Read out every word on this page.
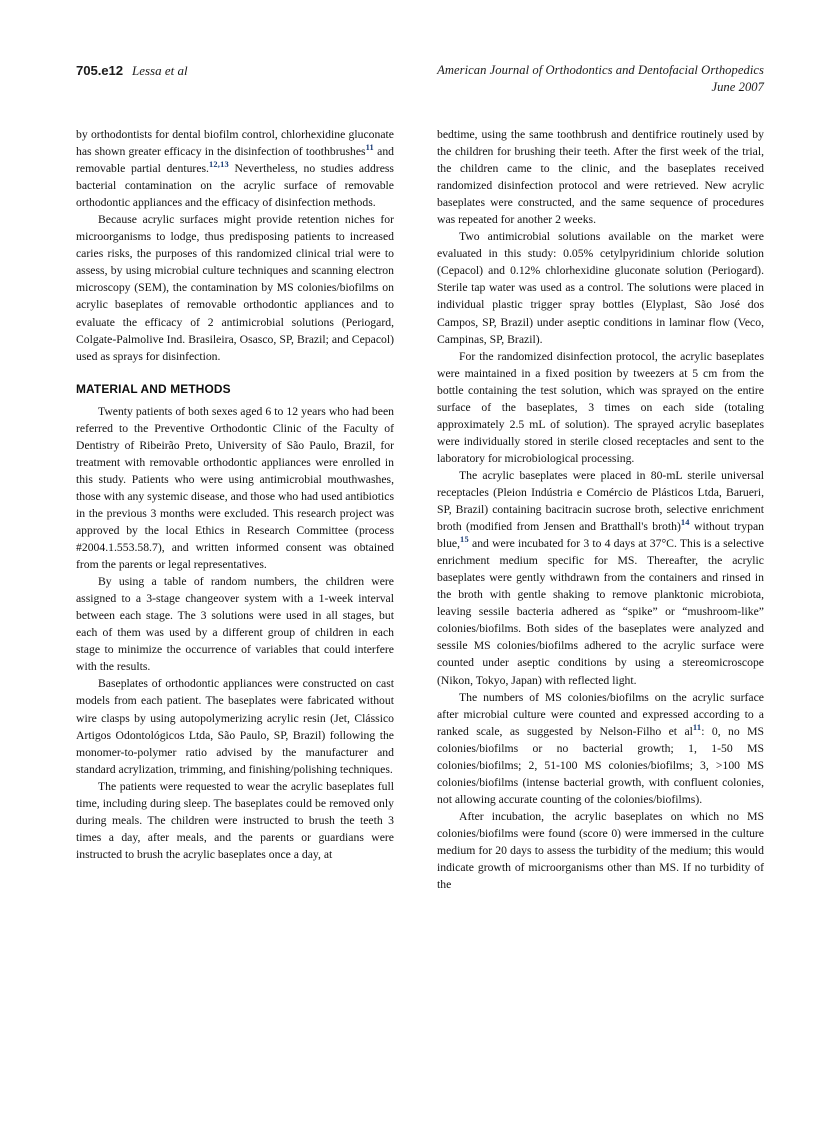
705.e12 Lessa et al	American Journal of Orthodontics and Dentofacial Orthopedics
June 2007

by orthodontists for dental biofilm control, chlorhexidine gluconate has shown greater efficacy in the disinfection of toothbrushes$^{11}$ and removable partial dentures.$^{12,13}$ Nevertheless, no studies address bacterial contamination on the acrylic surface of removable orthodontic appliances and the efficacy of disinfection methods.

Because acrylic surfaces might provide retention niches for microorganisms to lodge, thus predisposing patients to increased caries risks, the purposes of this randomized clinical trial were to assess, by using microbial culture techniques and scanning electron microscopy (SEM), the contamination by MS colonies/biofilms on acrylic baseplates of removable orthodontic appliances and to evaluate the efficacy of 2 antimicrobial solutions (Periogard, Colgate-Palmolive Ind. Brasileira, Osasco, SP, Brazil; and Cepacol) used as sprays for disinfection.

MATERIAL AND METHODS

Twenty patients of both sexes aged 6 to 12 years who had been referred to the Preventive Orthodontic Clinic of the Faculty of Dentistry of Ribeirão Preto, University of São Paulo, Brazil, for treatment with removable orthodontic appliances were enrolled in this study. Patients who were using antimicrobial mouthwashes, those with any systemic disease, and those who had used antibiotics in the previous 3 months were excluded. This research project was approved by the local Ethics in Research Committee (process #2004.1.553.58.7), and written informed consent was obtained from the parents or legal representatives.

By using a table of random numbers, the children were assigned to a 3-stage changeover system with a 1-week interval between each stage. The 3 solutions were used in all stages, but each of them was used by a different group of children in each stage to minimize the occurrence of variables that could interfere with the results.

Baseplates of orthodontic appliances were constructed on cast models from each patient. The baseplates were fabricated without wire clasps by using autopolymerizing acrylic resin (Jet, Clássico Artigos Odontológicos Ltda, São Paulo, SP, Brazil) following the monomer-to-polymer ratio advised by the manufacturer and standard acrylization, trimming, and finishing/polishing techniques.

The patients were requested to wear the acrylic baseplates full time, including during sleep. The baseplates could be removed only during meals. The children were instructed to brush the teeth 3 times a day, after meals, and the parents or guardians were instructed to brush the acrylic baseplates once a day, at

bedtime, using the same toothbrush and dentifrice routinely used by the children for brushing their teeth. After the first week of the trial, the children came to the clinic, and the baseplates received randomized disinfection protocol and were retrieved. New acrylic baseplates were constructed, and the same sequence of procedures was repeated for another 2 weeks.

Two antimicrobial solutions available on the market were evaluated in this study: 0.05% cetylpyridinium chloride solution (Cepacol) and 0.12% chlorhexidine gluconate solution (Periogard). Sterile tap water was used as a control. The solutions were placed in individual plastic trigger spray bottles (Elyplast, São José dos Campos, SP, Brazil) under aseptic conditions in laminar flow (Veco, Campinas, SP, Brazil).

For the randomized disinfection protocol, the acrylic baseplates were maintained in a fixed position by tweezers at 5 cm from the bottle containing the test solution, which was sprayed on the entire surface of the baseplates, 3 times on each side (totaling approximately 2.5 mL of solution). The sprayed acrylic baseplates were individually stored in sterile closed receptacles and sent to the laboratory for microbiological processing.

The acrylic baseplates were placed in 80-mL sterile universal receptacles (Pleion Indústria e Comércio de Plásticos Ltda, Barueri, SP, Brazil) containing bacitracin sucrose broth, selective enrichment broth (modified from Jensen and Bratthall's broth)$^{14}$ without trypan blue,$^{15}$ and were incubated for 3 to 4 days at 37°C. This is a selective enrichment medium specific for MS. Thereafter, the acrylic baseplates were gently withdrawn from the containers and rinsed in the broth with gentle shaking to remove planktonic microbiota, leaving sessile bacteria adhered as “spike” or “mushroom-like” colonies/biofilms. Both sides of the baseplates were analyzed and sessile MS colonies/biofilms adhered to the acrylic surface were counted under aseptic conditions by using a stereomicroscope (Nikon, Tokyo, Japan) with reflected light.

The numbers of MS colonies/biofilms on the acrylic surface after microbial culture were counted and expressed according to a ranked scale, as suggested by Nelson-Filho et al$^{11}$: 0, no MS colonies/biofilms or no bacterial growth; 1, 1-50 MS colonies/biofilms; 2, 51-100 MS colonies/biofilms; 3, >100 MS colonies/biofilms (intense bacterial growth, with confluent colonies, not allowing accurate counting of the colonies/biofilms).

After incubation, the acrylic baseplates on which no MS colonies/biofilms were found (score 0) were immersed in the culture medium for 20 days to assess the turbidity of the medium; this would indicate growth of microorganisms other than MS. If no turbidity of the
